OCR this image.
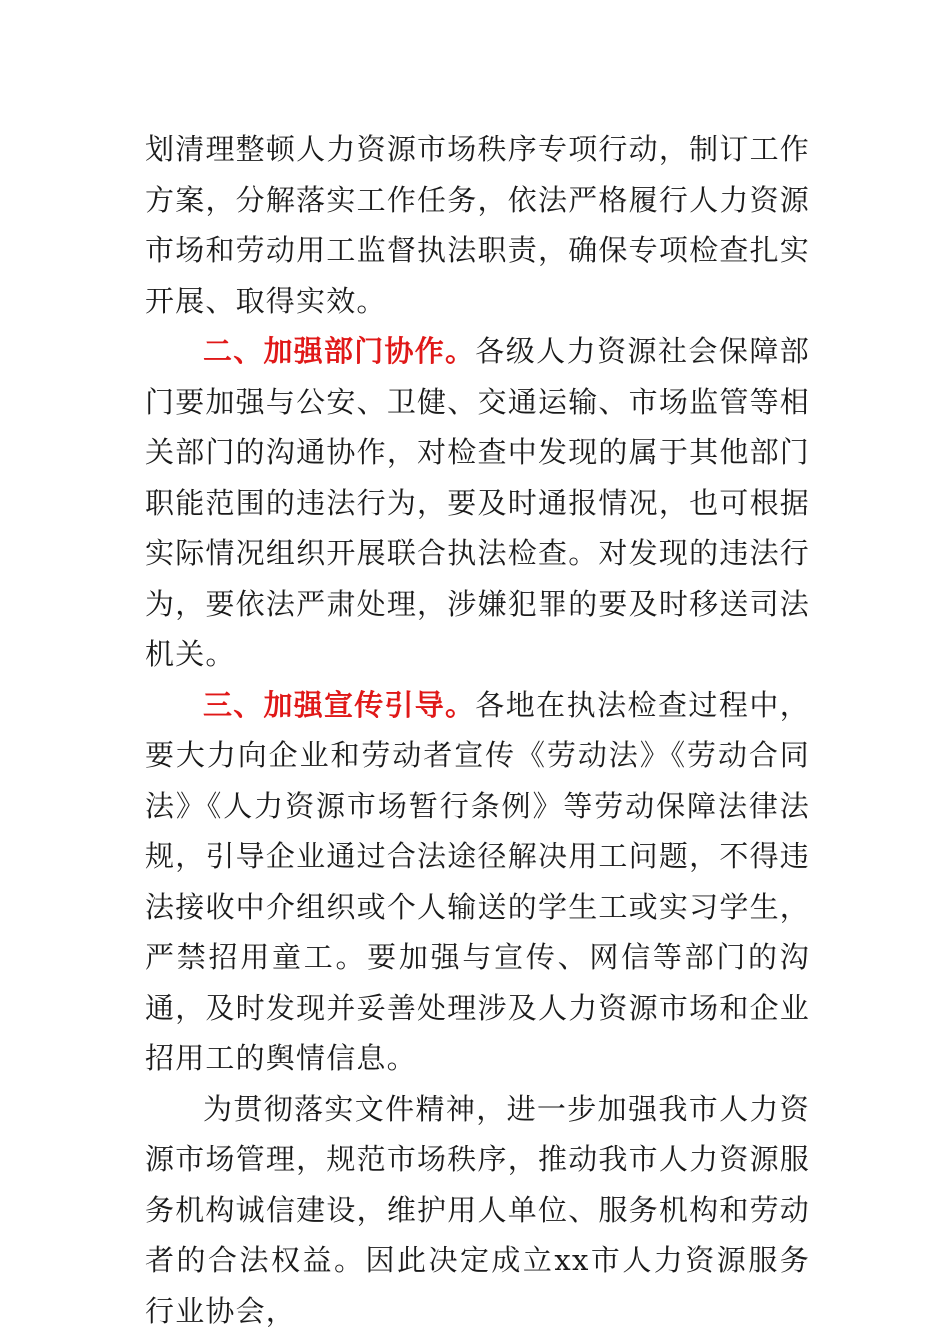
划清理整顿人力资源市场秩序专项行动，制订工作方案，分解落实工作任务，依法严格履行人力资源市场和劳动用工监督执法职责，确保专项检查扎实开展、取得实效。

二、加强部门协作。各级人力资源社会保障部门要加强与公安、卫健、交通运输、市场监管等相关部门的沟通协作，对检查中发现的属于其他部门职能范围的违法行为，要及时通报情况，也可根据实际情况组织开展联合执法检查。对发现的违法行为，要依法严肃处理，涉嫌犯罪的要及时移送司法机关。

三、加强宣传引导。各地在执法检查过程中，要大力向企业和劳动者宣传《劳动法》《劳动合同法》《人力资源市场暂行条例》等劳动保障法律法规，引导企业通过合法途径解决用工问题，不得违法接收中介组织或个人输送的学生工或实习学生，严禁招用童工。要加强与宣传、网信等部门的沟通，及时发现并妥善处理涉及人力资源市场和企业招用工的舆情信息。

为贯彻落实文件精神，进一步加强我市人力资源市场管理，规范市场秩序，推动我市人力资源服务机构诚信建设，维护用人单位、服务机构和劳动者的合法权益。因此决定成立xx市人力资源服务行业协会，
